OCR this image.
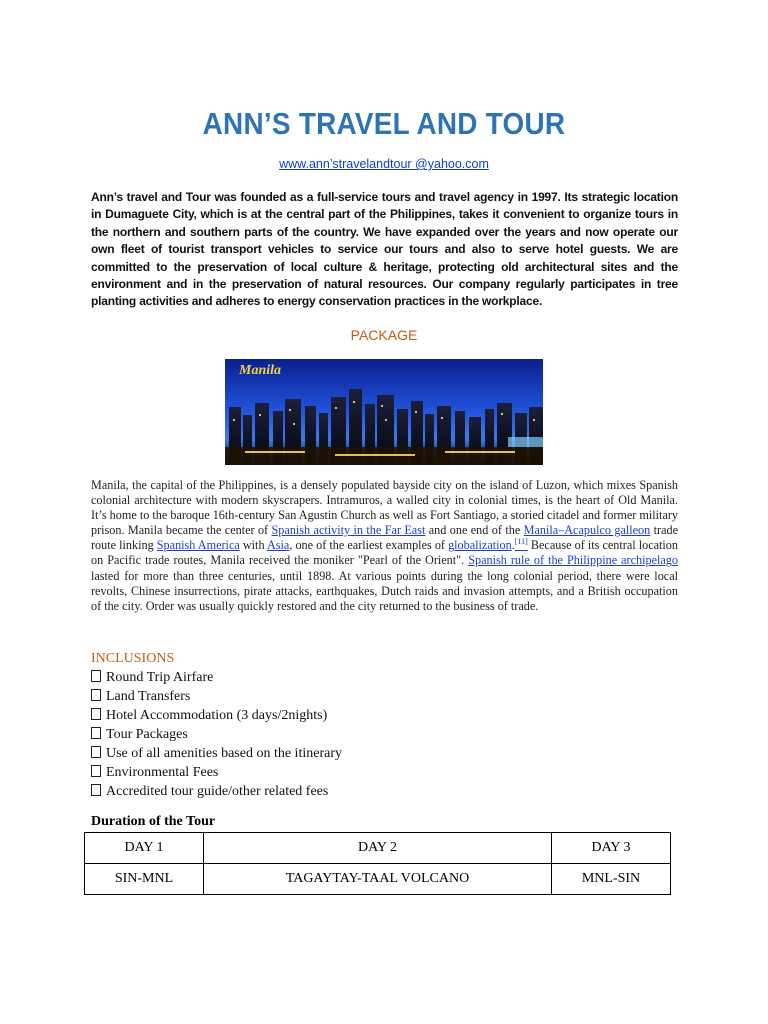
ANN’S TRAVEL AND TOUR
www.ann’stravelandtour @yahoo.com
Ann’s travel and Tour was founded as a full-service tours and travel agency in 1997. Its strategic location in Dumaguete City, which is at the central part of the Philippines, takes it convenient to organize tours in the northern and southern parts of the country. We have expanded over the years and now operate our own fleet of tourist transport vehicles to service our tours and also to serve hotel guests. We are committed to the preservation of local culture & heritage, protecting old architectural sites and the environment and in the preservation of natural resources. Our company regularly participates in tree planting activities and adheres to energy conservation practices in the workplace.
PACKAGE
Manila
Manila, the capital of the Philippines, is a densely populated bayside city on the island of Luzon, which mixes Spanish colonial architecture with modern skyscrapers. Intramuros, a walled city in colonial times, is the heart of Old Manila. It’s home to the baroque 16th-century San Agustin Church as well as Fort Santiago, a storied citadel and former military prison. Manila became the center of Spanish activity in the Far East and one end of the Manila–Acapulco galleon trade route linking Spanish America with Asia, one of the earliest examples of globalization.[11] Because of its central location on Pacific trade routes, Manila received the moniker "Pearl of the Orient". Spanish rule of the Philippine archipelago lasted for more than three centuries, until 1898. At various points during the long colonial period, there were local revolts, Chinese insurrections, pirate attacks, earthquakes, Dutch raids and invasion attempts, and a British occupation of the city. Order was usually quickly restored and the city returned to the business of trade.
INCLUSIONS
Round Trip Airfare
Land Transfers
Hotel Accommodation (3 days/2nights)
Tour Packages
Use of all amenities based on the itinerary
Environmental Fees
Accredited tour guide/other related fees
Duration of the Tour
DAY 1	DAY 2	DAY 3
SIN-MNL	TAGAYTAY-TAAL VOLCANO	MNL-SIN
